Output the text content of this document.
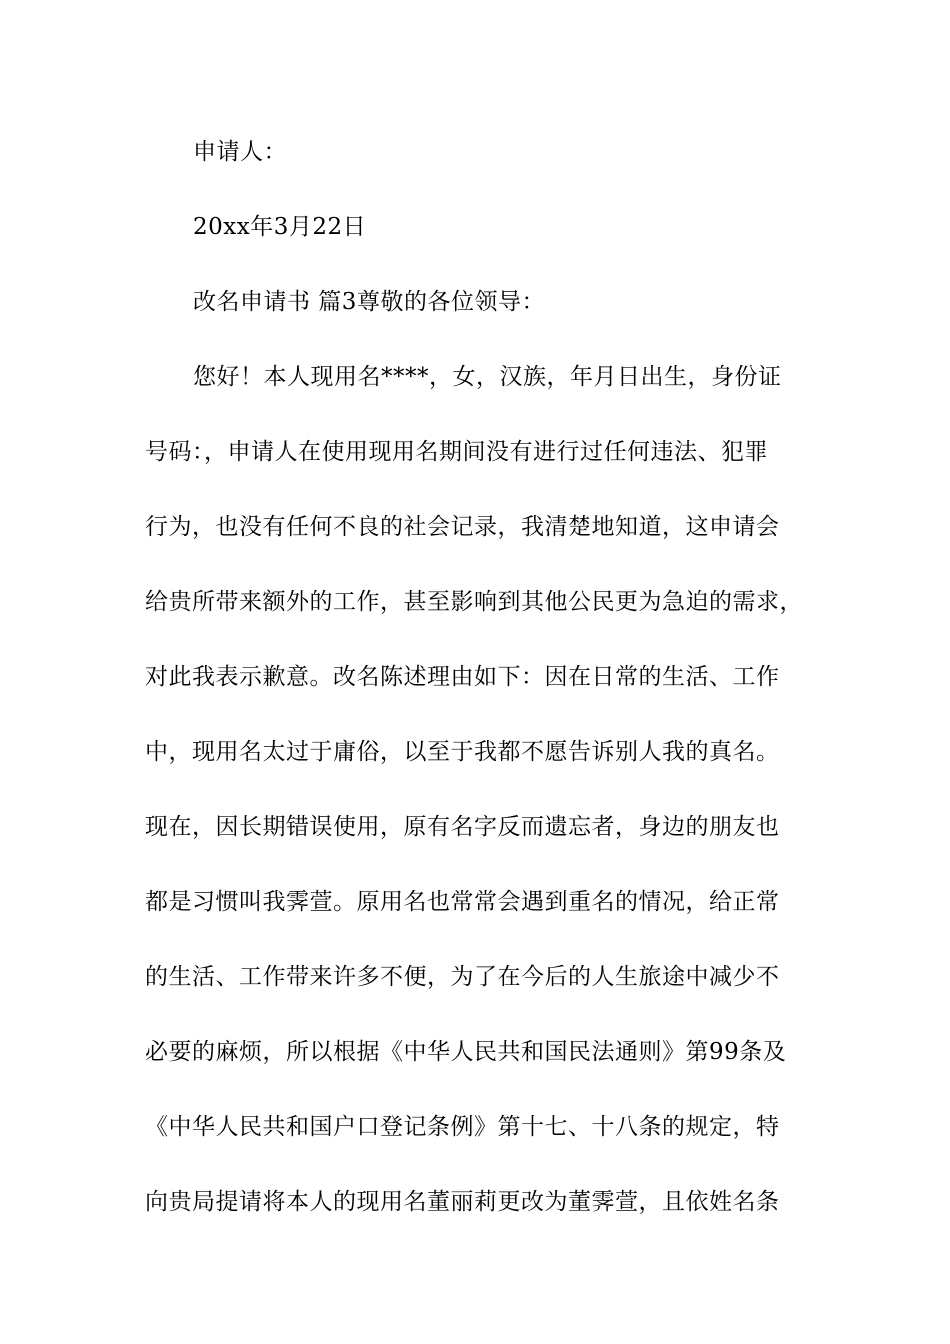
申请人：
20xx年3月22日
改名申请书 篇3尊敬的各位领导：
您好！本人现用名****，女，汉族，年月日出生，身份证
号码：，申请人在使用现用名期间没有进行过任何违法、犯罪
行为，也没有任何不良的社会记录，我清楚地知道，这申请会
给贵所带来额外的工作，甚至影响到其他公民更为急迫的需求，
对此我表示歉意。改名陈述理由如下：因在日常的生活、工作
中，现用名太过于庸俗，以至于我都不愿告诉别人我的真名。
现在，因长期错误使用，原有名字反而遗忘者，身边的朋友也
都是习惯叫我霁萱。原用名也常常会遇到重名的情况，给正常
的生活、工作带来许多不便，为了在今后的人生旅途中减少不
必要的麻烦，所以根据《中华人民共和国民法通则》第99条及
《中华人民共和国户口登记条例》第十七、十八条的规定，特
向贵局提请将本人的现用名董丽莉更改为董霁萱，且依姓名条
